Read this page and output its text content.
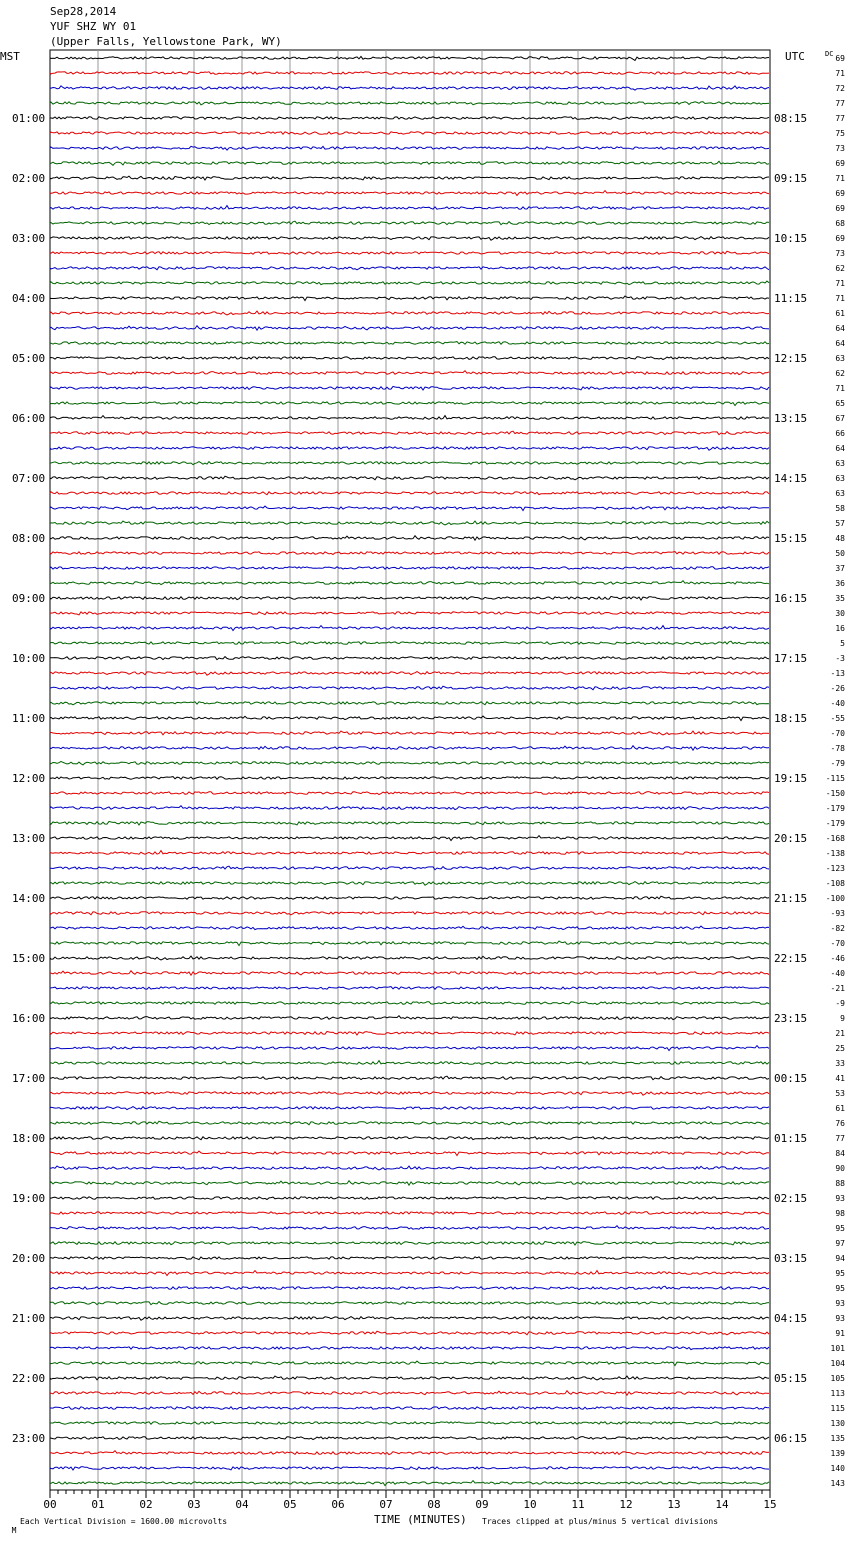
Sep28,2014
YUF SHZ WY 01
(Upper Falls, Yellowstone Park, WY)
MST	UTC
01:00
02:00
03:00
04:00
05:00
06:00
07:00
08:00
09:00
10:00
11:00
12:00
13:00
14:00
15:00
16:00
17:00
18:00
19:00
20:00
21:00
22:00
23:00
08:15
09:15
10:15
11:15
12:15
13:15
14:15
15:15
16:15
17:15
18:15
19:15
20:15
21:15
22:15
23:15
00:15
01:15
02:15
03:15
04:15
05:15
06:15
DC 69
71
72
77
77
75
73
69
71
69
69
68
69
73
62
71
71
61
64
64
63
62
71
65
67
66
64
63
63
63
58
57
48
50
37
36
35
30
16
5
-3
-13
-26
-40
-55
-70
-78
-79
-115
-150
-179
-179
-168
-138
-123
-108
-100
-93
-82
-70
-46
-40
-21
-9
9
21
25
33
41
53
61
76
77
84
90
88
93
98
95
97
94
95
95
93
93
91
101
104
105
113
115
130
135
139
140
143
00	01	02	03	04	05	06	07	08	09	10	11	12	13	14	15

M

Each Vertical Division = 1600.00 microvolts	TIME (MINUTES) Traces clipped at plus/minus 5 vertical divisions
